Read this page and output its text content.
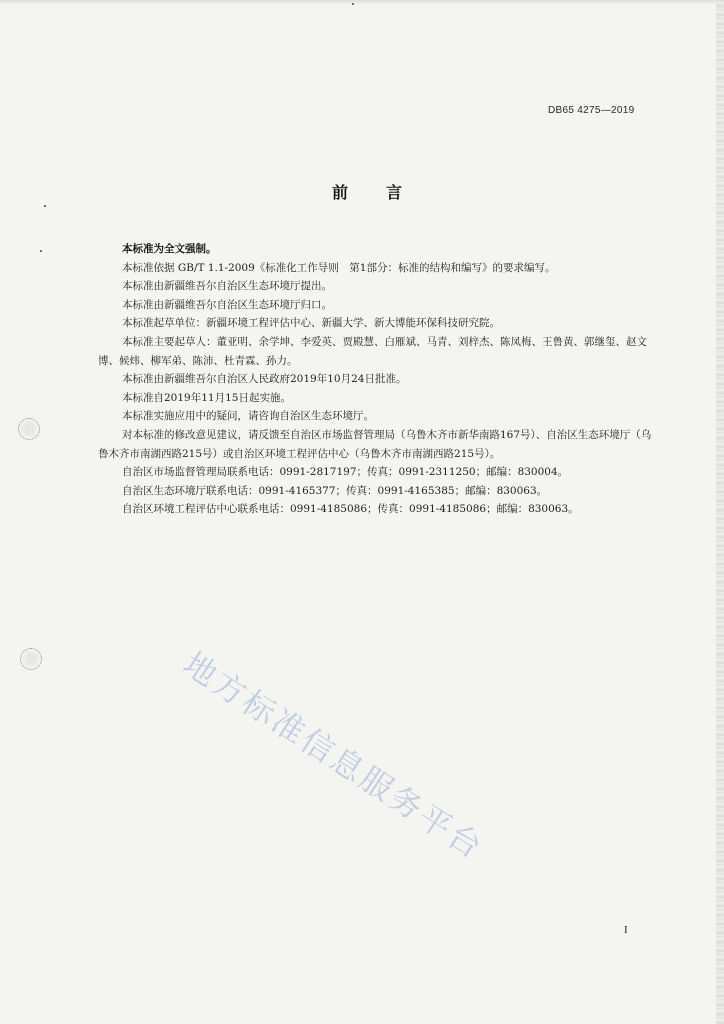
DB65 4275—2019
前言

本标准为全文强制。

本标准依据 GB/T 1.1-2009《标准化工作导则　第1部分：标准的结构和编写》的要求编写。

本标准由新疆维吾尔自治区生态环境厅提出。

本标准由新疆维吾尔自治区生态环境厅归口。

本标准起草单位：新疆环境工程评估中心、新疆大学、新大博能环保科技研究院。

本标准主要起草人：董亚明、余学坤、李爱英、贾殿慧、白雁斌、马青、刘梓杰、陈凤梅、王鲁黄、郭继玺、赵文博、候炜、柳军弟、陈沛、杜青霖、孙力。

本标准由新疆维吾尔自治区人民政府2019年10月24日批准。

本标准自2019年11月15日起实施。

本标准实施应用中的疑问，请咨询自治区生态环境厅。

对本标准的修改意见建议，请反馈至自治区市场监督管理局（乌鲁木齐市新华南路167号）、自治区生态环境厅（乌鲁木齐市南湖西路215号）或自治区环境工程评估中心（乌鲁木齐市南湖西路215号）。

自治区市场监督管理局联系电话：0991-2817197；传真：0991-2311250；邮编：830004。

自治区生态环境厅联系电话：0991-4165377；传真：0991-4165385；邮编：830063。

自治区环境工程评估中心联系电话：0991-4185086；传真：0991-4185086；邮编：830063。

地方标准信息服务平台
I
